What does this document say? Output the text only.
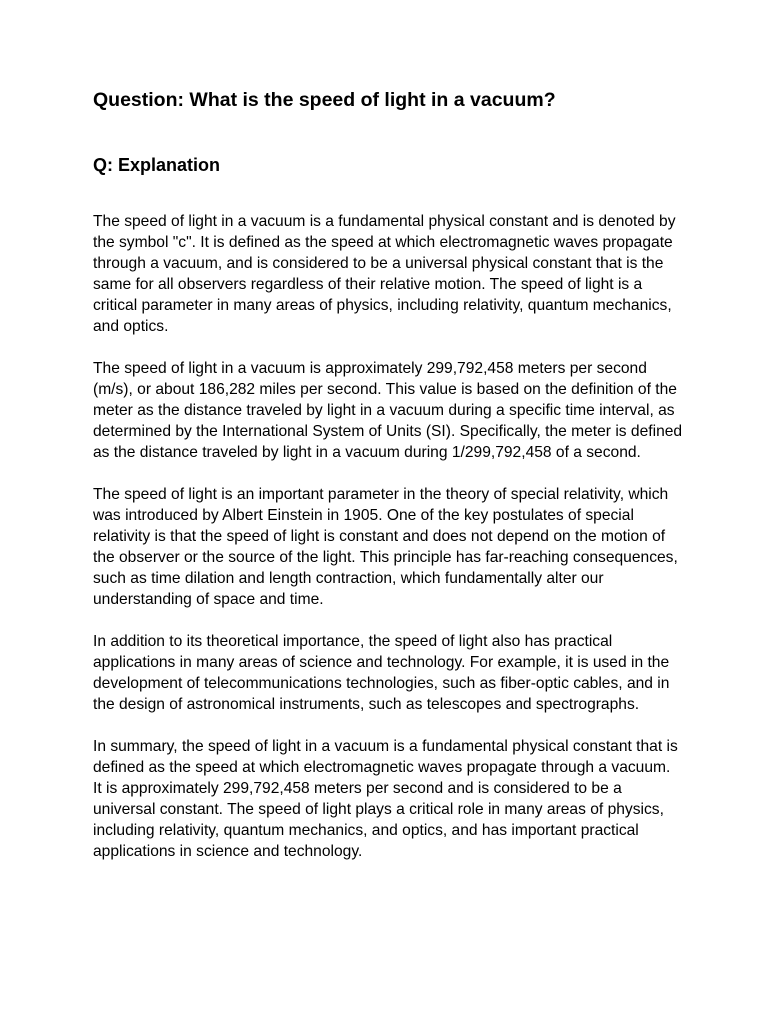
Question: What is the speed of light in a vacuum?
Q: Explanation

The speed of light in a vacuum is a fundamental physical constant and is denoted by the symbol "c". It is defined as the speed at which electromagnetic waves propagate through a vacuum, and is considered to be a universal physical constant that is the same for all observers regardless of their relative motion. The speed of light is a critical parameter in many areas of physics, including relativity, quantum mechanics, and optics.

The speed of light in a vacuum is approximately 299,792,458 meters per second (m/s), or about 186,282 miles per second. This value is based on the definition of the meter as the distance traveled by light in a vacuum during a specific time interval, as determined by the International System of Units (SI). Specifically, the meter is defined as the distance traveled by light in a vacuum during 1/299,792,458 of a second.

The speed of light is an important parameter in the theory of special relativity, which was introduced by Albert Einstein in 1905. One of the key postulates of special relativity is that the speed of light is constant and does not depend on the motion of the observer or the source of the light. This principle has far-reaching consequences, such as time dilation and length contraction, which fundamentally alter our understanding of space and time.

In addition to its theoretical importance, the speed of light also has practical applications in many areas of science and technology. For example, it is used in the development of telecommunications technologies, such as fiber-optic cables, and in the design of astronomical instruments, such as telescopes and spectrographs.

In summary, the speed of light in a vacuum is a fundamental physical constant that is defined as the speed at which electromagnetic waves propagate through a vacuum. It is approximately 299,792,458 meters per second and is considered to be a universal constant. The speed of light plays a critical role in many areas of physics, including relativity, quantum mechanics, and optics, and has important practical applications in science and technology.
